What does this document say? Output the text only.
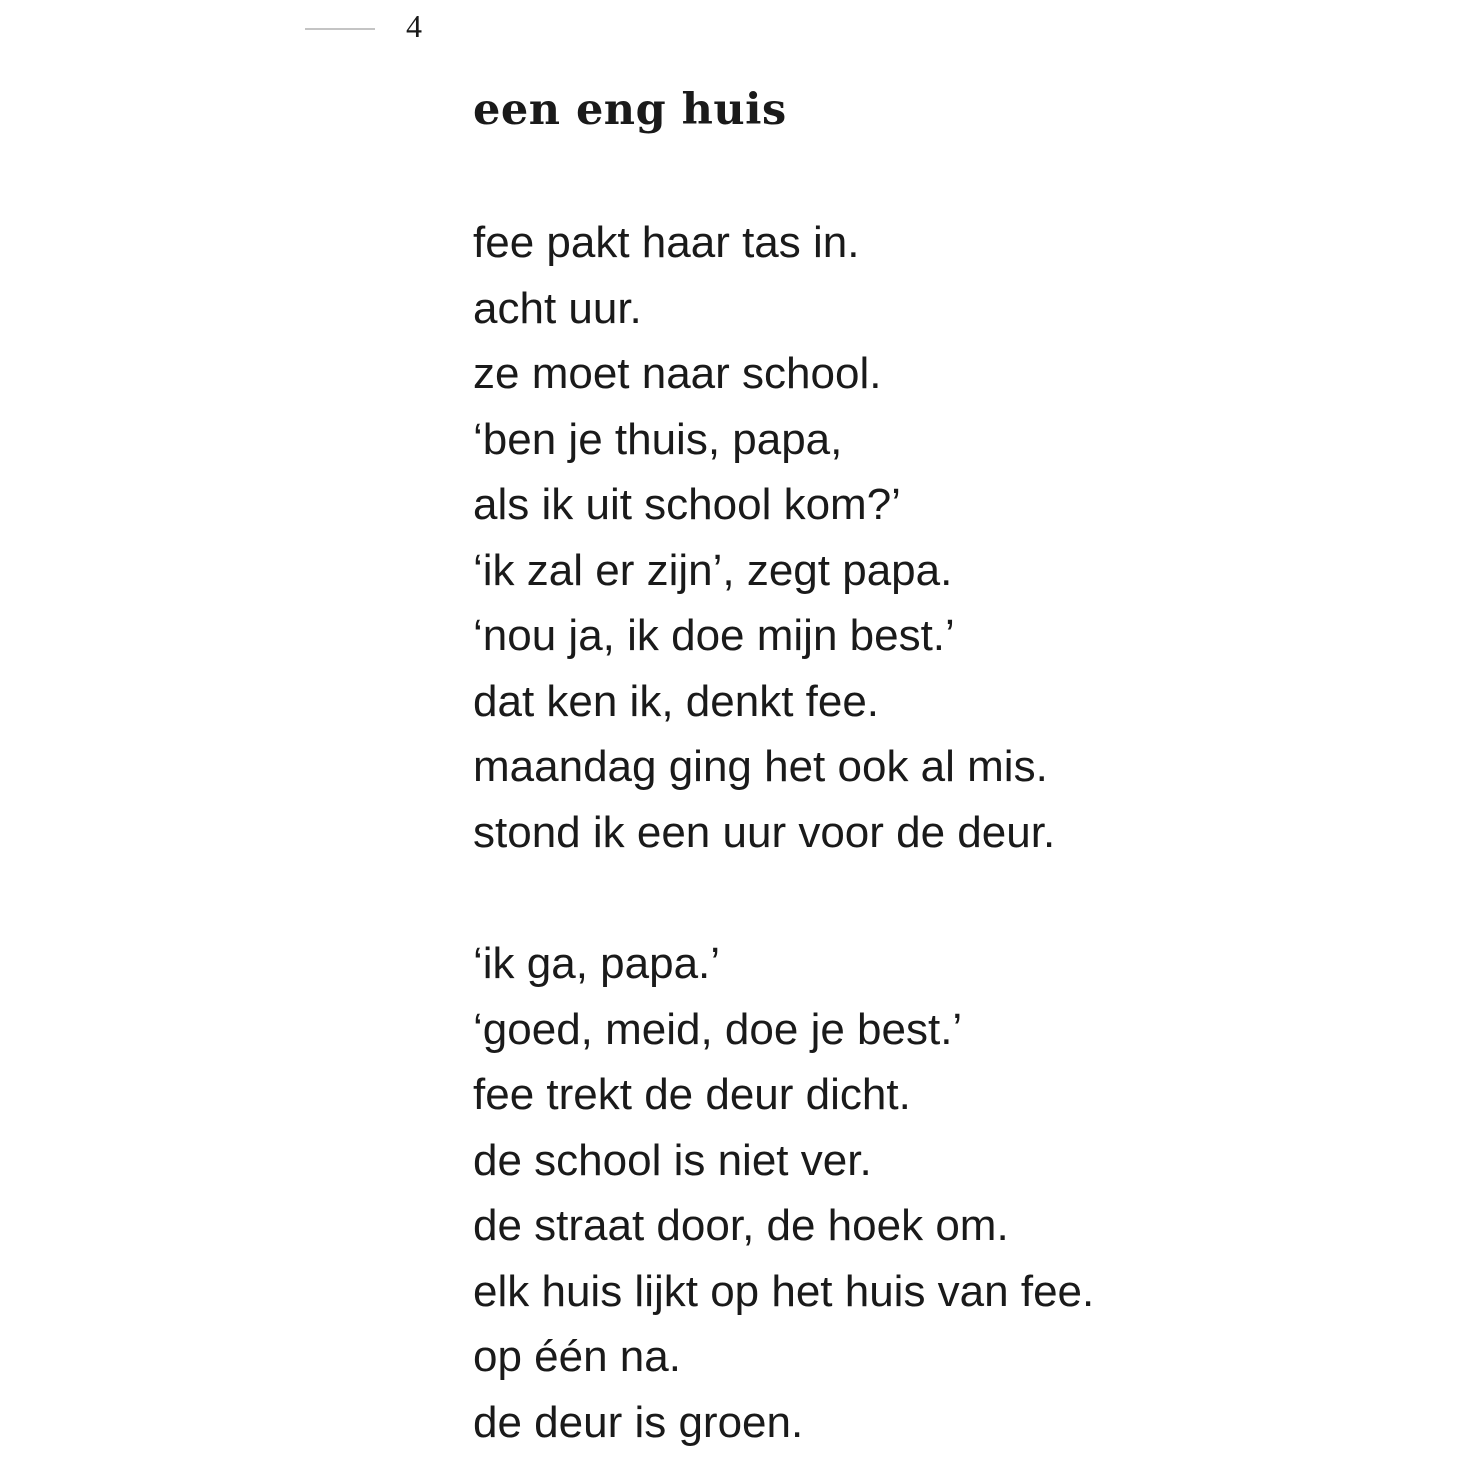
4
een eng huis
fee pakt haar tas in.
acht uur.
ze moet naar school.
‘ben je thuis, papa,
als ik uit school kom?’
‘ik zal er zijn’, zegt papa.
‘nou ja, ik doe mijn best.’
dat ken ik, denkt fee.
maandag ging het ook al mis.
stond ik een uur voor de deur.
‘ik ga, papa.’
‘goed, meid, doe je best.’
fee trekt de deur dicht.
de school is niet ver.
de straat door, de hoek om.
elk huis lijkt op het huis van fee.
op één na.
de deur is groen.
